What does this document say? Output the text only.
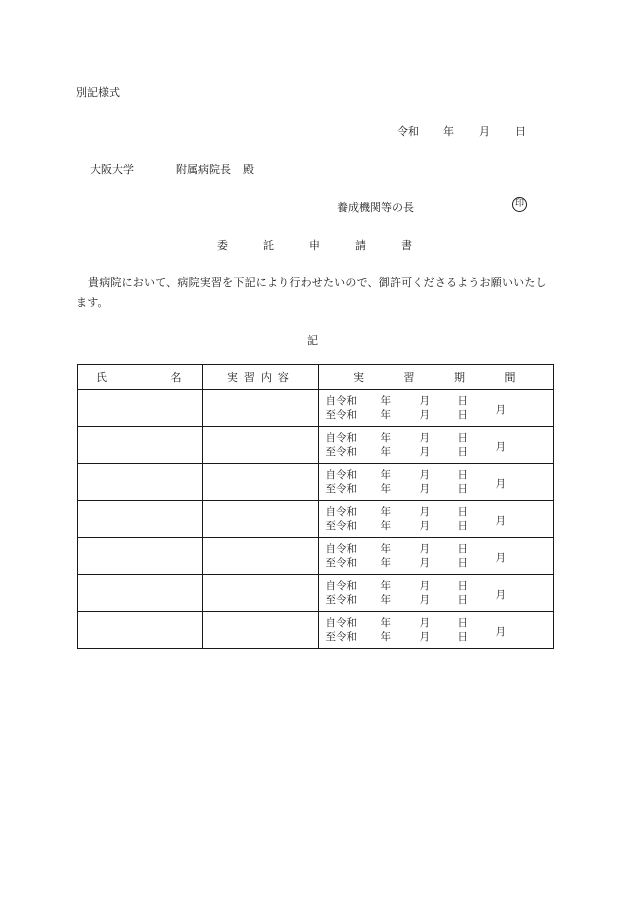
別記様式
令和 年 月 日
大阪大学	附属病院長 殿
養成機関等の長	印
委	託	申	請	書
貴病院において、病院実習を下記により行わせたいので、御許可くださるようお願いいたします。
記
氏 名	実習内容	実 習 期 間

		自令和 年 月 日
至令和 年 月 日 月

		自令和 年 月 日
至令和 年 月 日 月

		自令和 年 月 日
至令和 年 月 日 月

		自令和 年 月 日
至令和 年 月 日 月

		自令和 年 月 日
至令和 年 月 日 月

		自令和 年 月 日
至令和 年 月 日 月

		自令和 年 月 日
至令和 年 月 日 月
